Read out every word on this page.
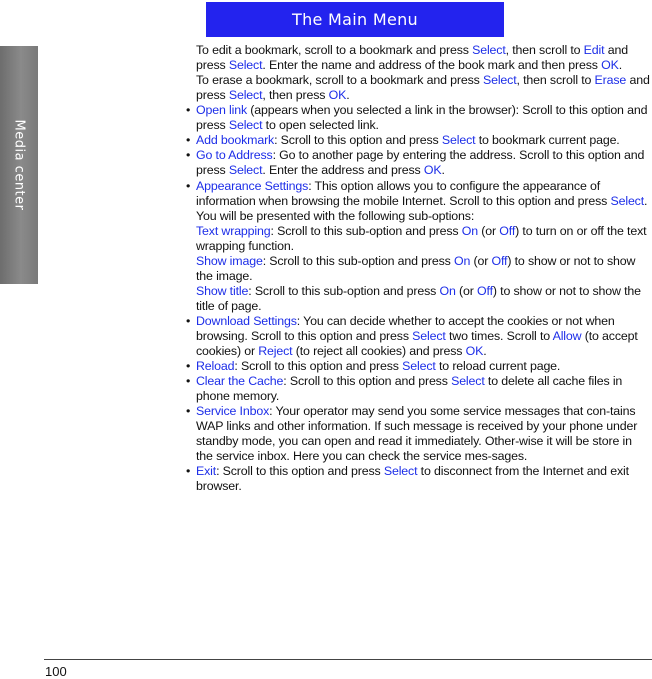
The Main Menu
Media center

To edit a bookmark, scroll to a bookmark and press Select, then scroll to Edit and press Select. Enter the name and address of the book mark and then press OK.

To erase a bookmark, scroll to a bookmark and press Select, then scroll to Erase and press Select, then press OK.

• Open link (appears when you selected a link in the browser): Scroll to this option and press Select to open selected link.

• Add bookmark: Scroll to this option and press Select to bookmark current page.

• Go to Address: Go to another page by entering the address. Scroll to this option and press Select. Enter the address and press OK.

• Appearance Settings: This option allows you to configure the appearance of information when browsing the mobile Internet. Scroll to this option and press Select. You will be presented with the following sub-options:

Text wrapping: Scroll to this sub-option and press On (or Off) to turn on or off the text wrapping function.

Show image: Scroll to this sub-option and press On (or Off) to show or not to show the image.

Show title: Scroll to this sub-option and press On (or Off) to show or not to show the title of page.

• Download Settings: You can decide whether to accept the cookies or not when browsing. Scroll to this option and press Select two times. Scroll to Allow (to accept cookies) or Reject (to reject all cookies) and press OK.

• Reload: Scroll to this option and press Select to reload current page.

• Clear the Cache: Scroll to this option and press Select to delete all cache files in phone memory.

• Service Inbox: Your operator may send you some service messages that con-tains WAP links and other information. If such message is received by your phone under standby mode, you can open and read it immediately. Other-wise it will be store in the service inbox. Here you can check the service mes-sages.

• Exit: Scroll to this option and press Select to disconnect from the Internet and exit browser.

100
